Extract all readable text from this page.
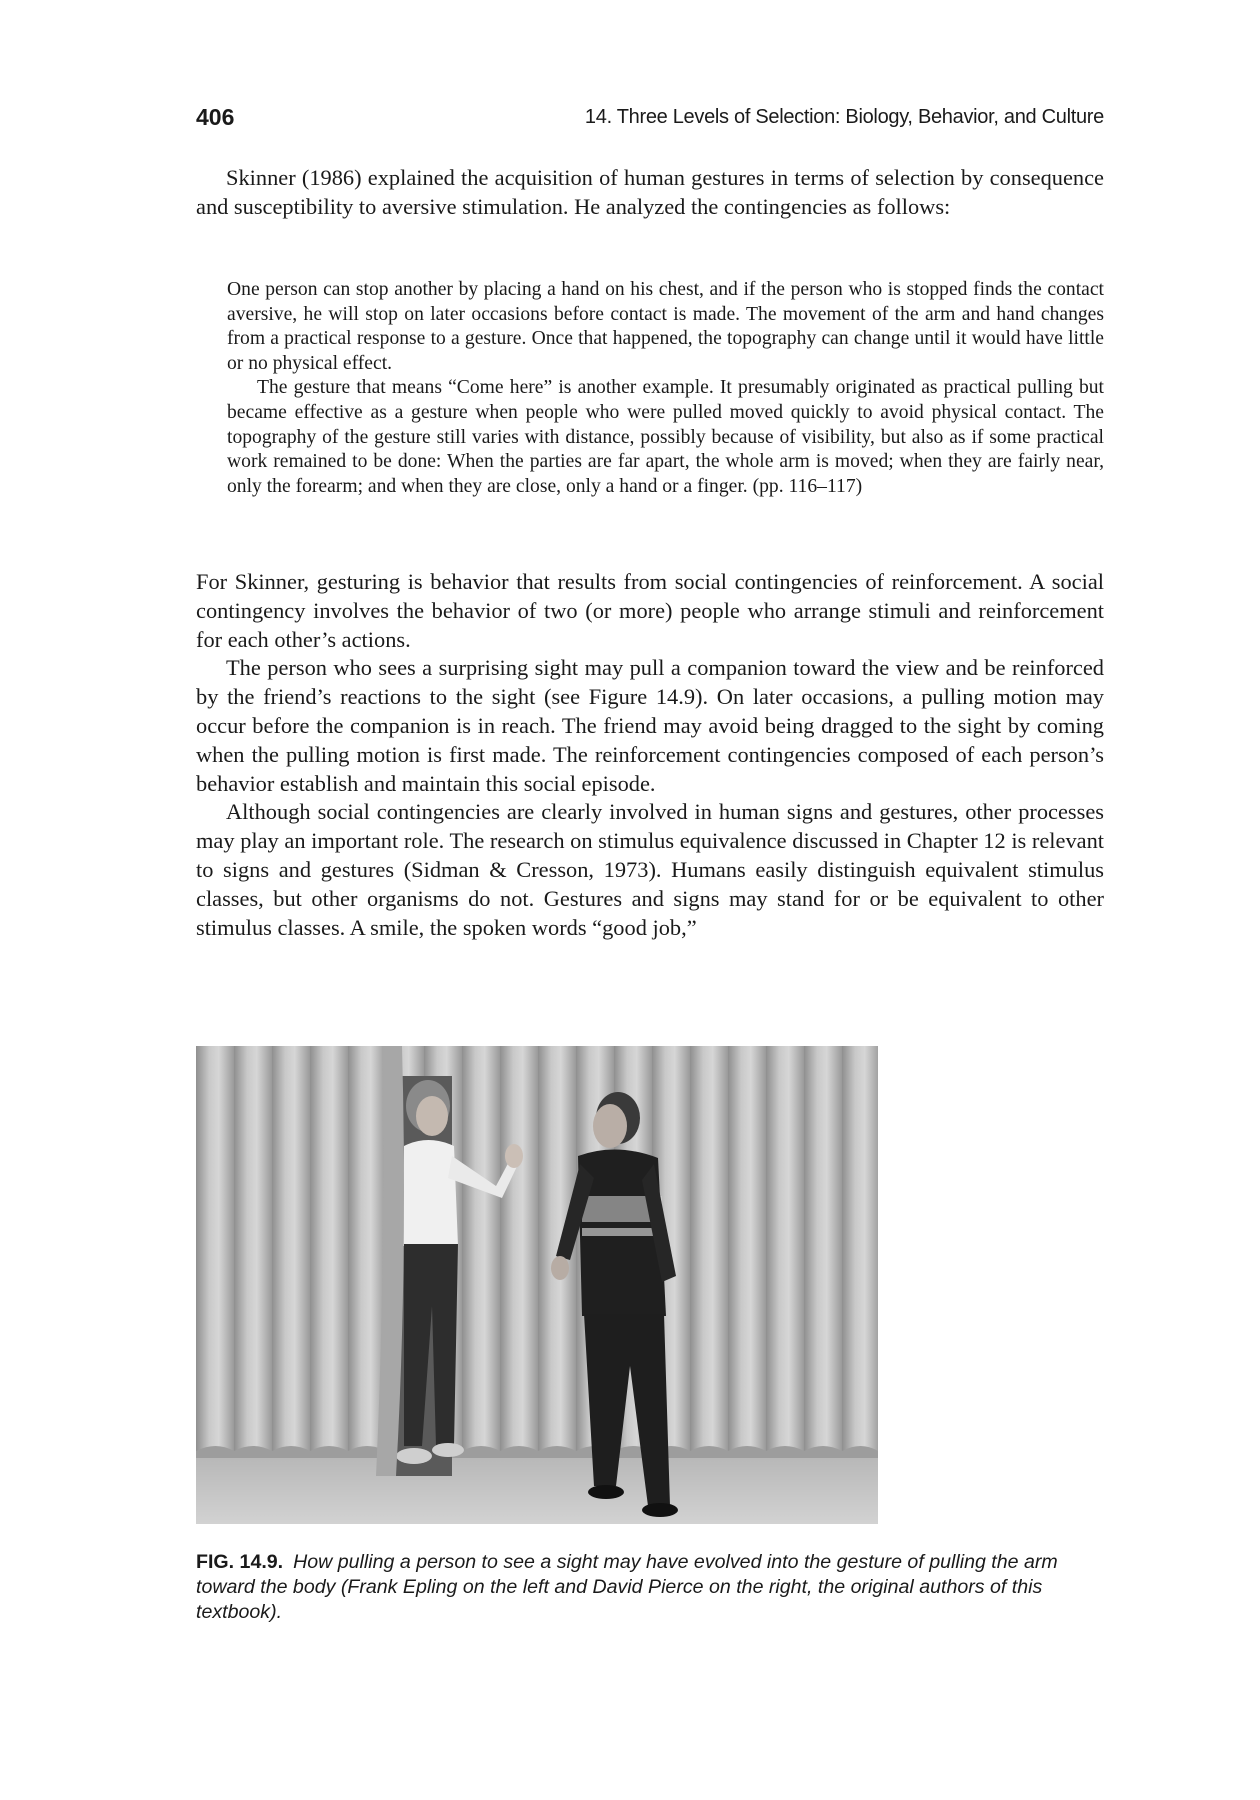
406	14. Three Levels of Selection: Biology, Behavior, and Culture

Skinner (1986) explained the acquisition of human gestures in terms of selection by consequence and susceptibility to aversive stimulation. He analyzed the contingencies as follows:

One person can stop another by placing a hand on his chest, and if the person who is stopped finds the contact aversive, he will stop on later occasions before contact is made. The movement of the arm and hand changes from a practical response to a gesture. Once that happened, the topography can change until it would have little or no physical effect.

The gesture that means “Come here” is another example. It presumably originated as practical pulling but became effective as a gesture when people who were pulled moved quickly to avoid physical contact. The topography of the gesture still varies with distance, possibly because of visibility, but also as if some practical work remained to be done: When the parties are far apart, the whole arm is moved; when they are fairly near, only the forearm; and when they are close, only a hand or a finger. (pp. 116–117)

For Skinner, gesturing is behavior that results from social contingencies of reinforcement. A social contingency involves the behavior of two (or more) people who arrange stimuli and reinforcement for each other’s actions.

The person who sees a surprising sight may pull a companion toward the view and be reinforced by the friend’s reactions to the sight (see Figure 14.9). On later occasions, a pulling motion may occur before the companion is in reach. The friend may avoid being dragged to the sight by coming when the pulling motion is first made. The reinforcement contingencies composed of each person’s behavior establish and maintain this social episode.

Although social contingencies are clearly involved in human signs and gestures, other processes may play an important role. The research on stimulus equivalence discussed in Chapter 12 is relevant to signs and gestures (Sidman & Cresson, 1973). Humans easily distinguish equivalent stimulus classes, but other organisms do not. Gestures and signs may stand for or be equivalent to other stimulus classes. A smile, the spoken words “good job,”

FIG. 14.9. How pulling a person to see a sight may have evolved into the gesture of pulling the arm toward the body (Frank Epling on the left and David Pierce on the right, the original authors of this textbook).
